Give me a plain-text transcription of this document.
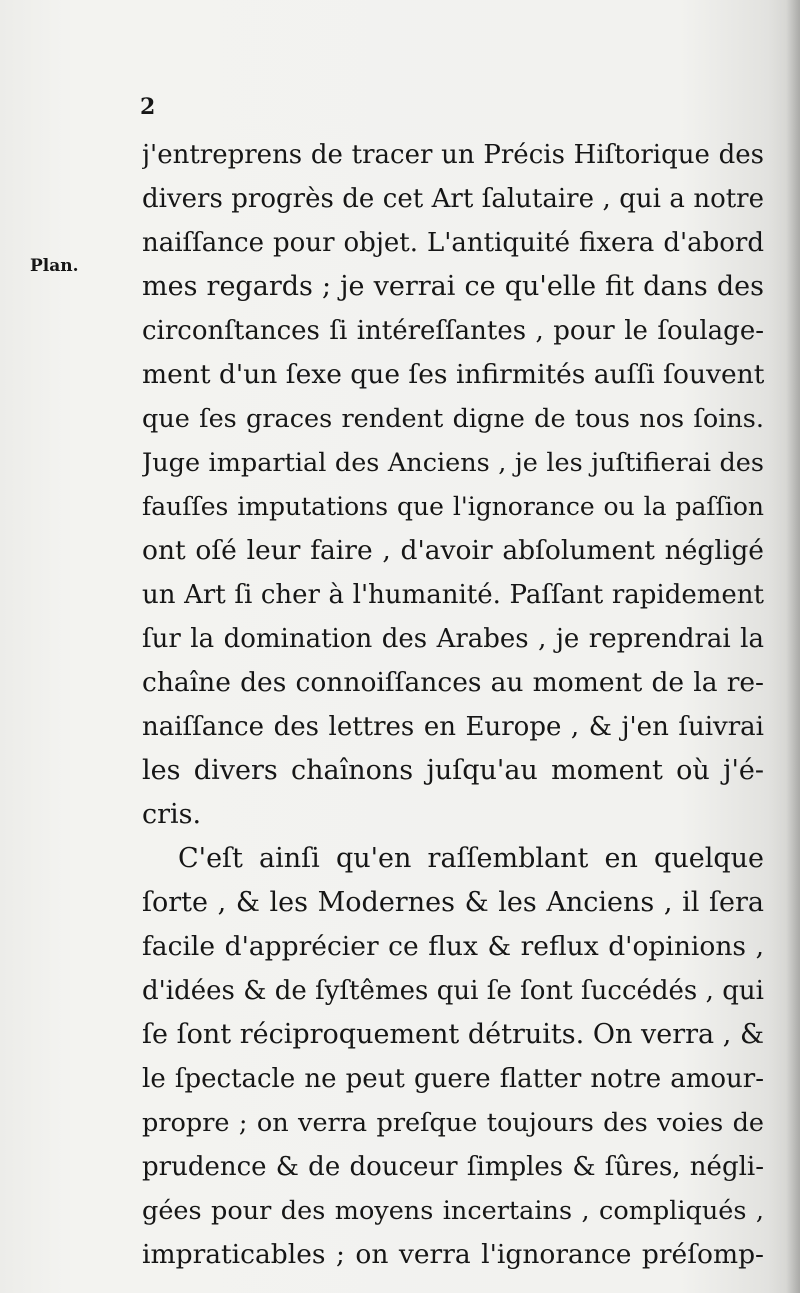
2
Plan.
j'entreprens de tracer un Précis Hiſtorique des
divers progrès de cet Art ſalutaire , qui a notre
naiſſance pour objet. L'antiquité fixera d'abord
mes regards ; je verrai ce qu'elle fit dans des
circonſtances ſi intéreſſantes , pour le ſoulage-
ment d'un ſexe que ſes infirmités auſſi ſouvent
que ſes graces rendent digne de tous nos ſoins.
Juge impartial des Anciens , je les juſtifierai des
fauſſes imputations que l'ignorance ou la paſſion
ont oſé leur faire , d'avoir abſolument négligé
un Art ſi cher à l'humanité. Paſſant rapidement
ſur la domination des Arabes , je reprendrai la
chaîne des connoiſſances au moment de la re-
naiſſance des lettres en Europe , & j'en ſuivrai
les divers chaînons juſqu'au moment où j'é-
cris.
C'eſt ainſi qu'en raſſemblant en quelque
ſorte , & les Modernes & les Anciens , il ſera
facile d'apprécier ce flux & reflux d'opinions ,
d'idées & de ſyſtêmes qui ſe ſont ſuccédés , qui
ſe ſont réciproquement détruits. On verra , &
le ſpectacle ne peut guere flatter notre amour-
propre ; on verra preſque toujours des voies de
prudence & de douceur ſimples & ſûres, négli-
gées pour des moyens incertains , compliqués ,
impraticables ; on verra l'ignorance préſomp-
